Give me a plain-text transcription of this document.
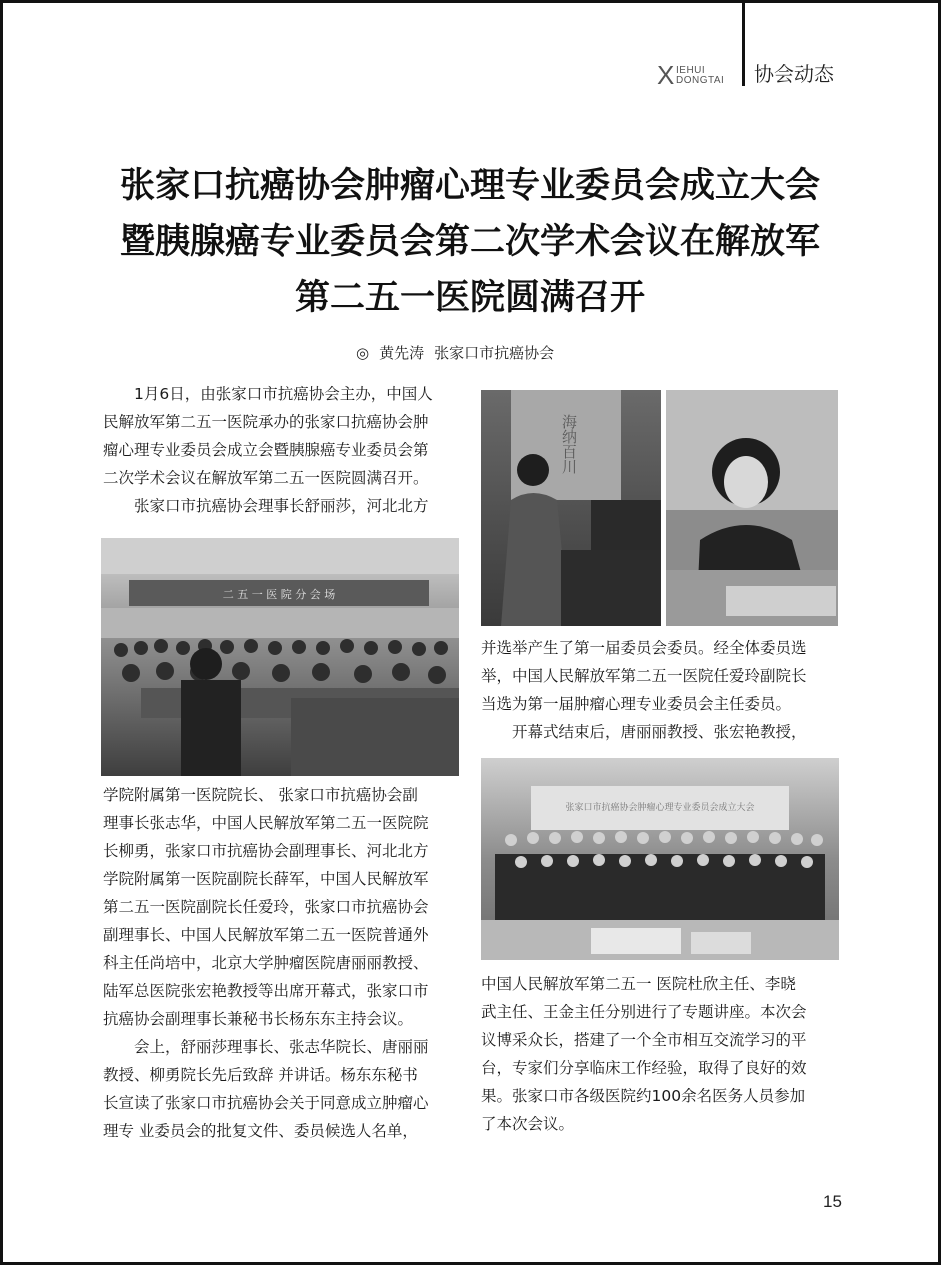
X IEHUI
DONGTAI 协会动态
张家口抗癌协会肿瘤心理专业委员会成立大会
暨胰腺癌专业委员会第二次学术会议在解放军
第二五一医院圆满召开
◎ 黄先涛 张家口市抗癌协会
　　1月6日，由张家口市抗癌协会主办，中国人
民解放军第二五一医院承办的张家口抗癌协会肿
瘤心理专业委员会成立会暨胰腺癌专业委员会第
二次学术会议在解放军第二五一医院圆满召开。
　　张家口市抗癌协会理事长舒丽莎，河北北方
二 五 一 医 院 分 会 场
学院附属第一医院院长、 张家口市抗癌协会副
理事长张志华，中国人民解放军第二五一医院院
长柳勇，张家口市抗癌协会副理事长、河北北方
学院附属第一医院副院长薛军，中国人民解放军
第二五一医院副院长任爱玲，张家口市抗癌协会
副理事长、中国人民解放军第二五一医院普通外
科主任尚培中，北京大学肿瘤医院唐丽丽教授、
陆军总医院张宏艳教授等出席开幕式，张家口市
抗癌协会副理事长兼秘书长杨东东主持会议。
　　会上，舒丽莎理事长、张志华院长、唐丽丽
教授、柳勇院长先后致辞 并讲话。杨东东秘书
长宣读了张家口市抗癌协会关于同意成立肿瘤心
理专 业委员会的批复文件、委员候选人名单，
海纳百川
并选举产生了第一届委员会委员。经全体委员选
举，中国人民解放军第二五一医院任爱玲副院长
当选为第一届肿瘤心理专业委员会主任委员。
　　开幕式结束后，唐丽丽教授、张宏艳教授，
张家口市抗癌协会肿瘤心理专业委员会成立大会
中国人民解放军第二五一 医院杜欣主任、李晓
武主任、王金主任分别进行了专题讲座。本次会
议博采众长，搭建了一个全市相互交流学习的平
台，专家们分享临床工作经验，取得了良好的效
果。张家口市各级医院约100余名医务人员参加
了本次会议。
15
